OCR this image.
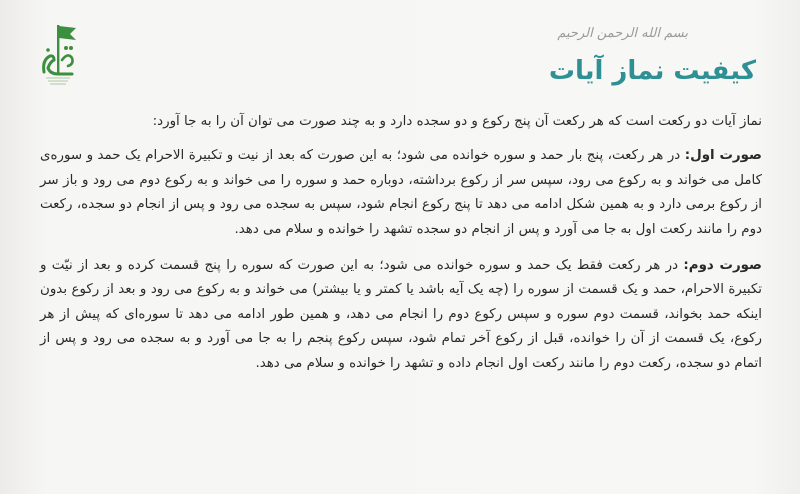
بسم الله الرحمن الرحیم
کیفیت نماز آیات

نماز آیات دو رکعت است که هر رکعت آن پنج رکوع و دو سجده دارد و به چند صورت می توان آن را به جا آورد:

صورت اول: در هر رکعت، پنج بار حمد و سوره خوانده می شود؛ به این صورت که بعد از نیت و تکبیرة الاحرام یک حمد و سوره‌ی کامل می خواند و به رکوع می رود، سپس سر از رکوع برداشته، دوباره حمد و سوره را می خواند و به رکوع دوم می رود و باز سر از رکوع برمی دارد و به همین شکل ادامه می دهد تا پنج رکوع انجام شود، سپس به سجده می رود و پس از انجام دو سجده، رکعت دوم را مانند رکعت اول به جا می آورد و پس از انجام دو سجده تشهد را خوانده و سلام می دهد.

صورت دوم: در هر رکعت فقط یک حمد و سوره خوانده می شود؛ به این صورت که سوره را پنج قسمت کرده و بعد از نیّت و تکبیرة الاحرام، حمد و یک قسمت از سوره را (چه یک آیه باشد یا کمتر و یا بیشتر) می خواند و به رکوع می رود و بعد از رکوع بدون اینکه حمد بخواند، قسمت دوم سوره و سپس رکوع دوم را انجام می دهد، و همین طور ادامه می دهد تا سوره‌ای که پیش از هر رکوع، یک قسمت از آن را خوانده، قبل از رکوع آخر تمام شود، سپس رکوع پنجم را به جا می آورد و به سجده می رود و پس از اتمام دو سجده، رکعت دوم را مانند رکعت اول انجام داده و تشهد را خوانده و سلام می دهد.
